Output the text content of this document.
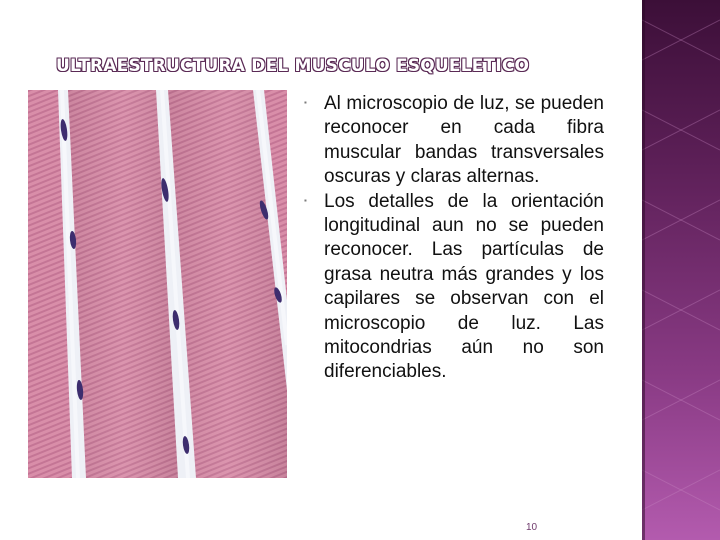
ULTRAESTRUCTURA DEL MUSCULO ESQUELETICO
▪ Al microscopio de luz, se pueden reconocer en cada fibra muscular bandas transversales oscuras y claras alternas.
▪ Los detalles de la orientación longitudinal aun no se pueden reconocer. Las partículas de grasa neutra más grandes y los capilares se observan con el microscopio de luz. Las mitocondrias aún no son diferenciables.
10
